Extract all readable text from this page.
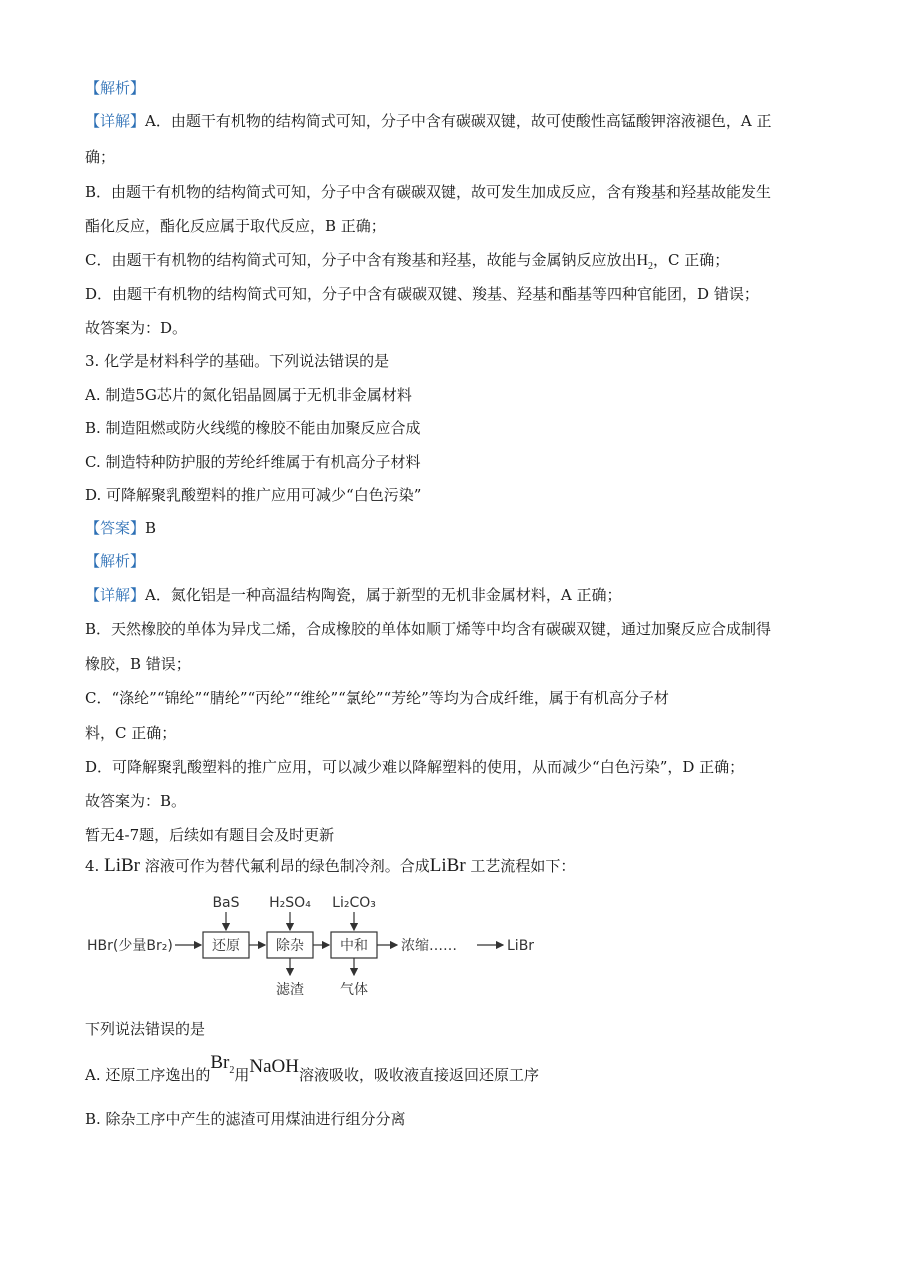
【解析】
【详解】A．由题干有机物的结构简式可知，分子中含有碳碳双键，故可使酸性高锰酸钾溶液褪色，A 正
确；
B．由题干有机物的结构简式可知，分子中含有碳碳双键，故可发生加成反应，含有羧基和羟基故能发生
酯化反应，酯化反应属于取代反应，B 正确；
C．由题干有机物的结构简式可知，分子中含有羧基和羟基，故能与金属钠反应放出$H_2$，C 正确；
D．由题干有机物的结构简式可知，分子中含有碳碳双键、羧基、羟基和酯基等四种官能团，D 错误；
故答案为：D。
3. 化学是材料科学的基础。下列说法错误的是
A. 制造5G芯片的氮化铝晶圆属于无机非金属材料
B. 制造阻燃或防火线缆的橡胶不能由加聚反应合成
C. 制造特种防护服的芳纶纤维属于有机高分子材料
D. 可降解聚乳酸塑料的推广应用可减少“白色污染”
【答案】B
【解析】
【详解】A．氮化铝是一种高温结构陶瓷，属于新型的无机非金属材料，A 正确；
B．天然橡胶的单体为异戊二烯，合成橡胶的单体如顺丁烯等中均含有碳碳双键，通过加聚反应合成制得
橡胶，B 错误；
C．“涤纶”“锦纶”“腈纶”“丙纶”“维纶”“氯纶”“芳纶”等均为合成纤维，属于有机高分子材
料，C 正确；
D．可降解聚乳酸塑料的推广应用，可以减少难以降解塑料的使用，从而减少“白色污染”，D 正确；
故答案为：B。
暂无4-7题，后续如有题目会及时更新
4. LiBr 溶液可作为替代氟利昂的绿色制冷剂。合成LiBr 工艺流程如下：
HBr(少量Br₂)	还原	除杂	中和 浓缩……	LiBr
BaS H₂SO₄ Li₂CO₃
滤渣	气体
下列说法错误的是
A. 还原工序逸出的$Br_2$用NaOH溶液吸收，吸收液直接返回还原工序
B. 除杂工序中产生的滤渣可用煤油进行组分分离
